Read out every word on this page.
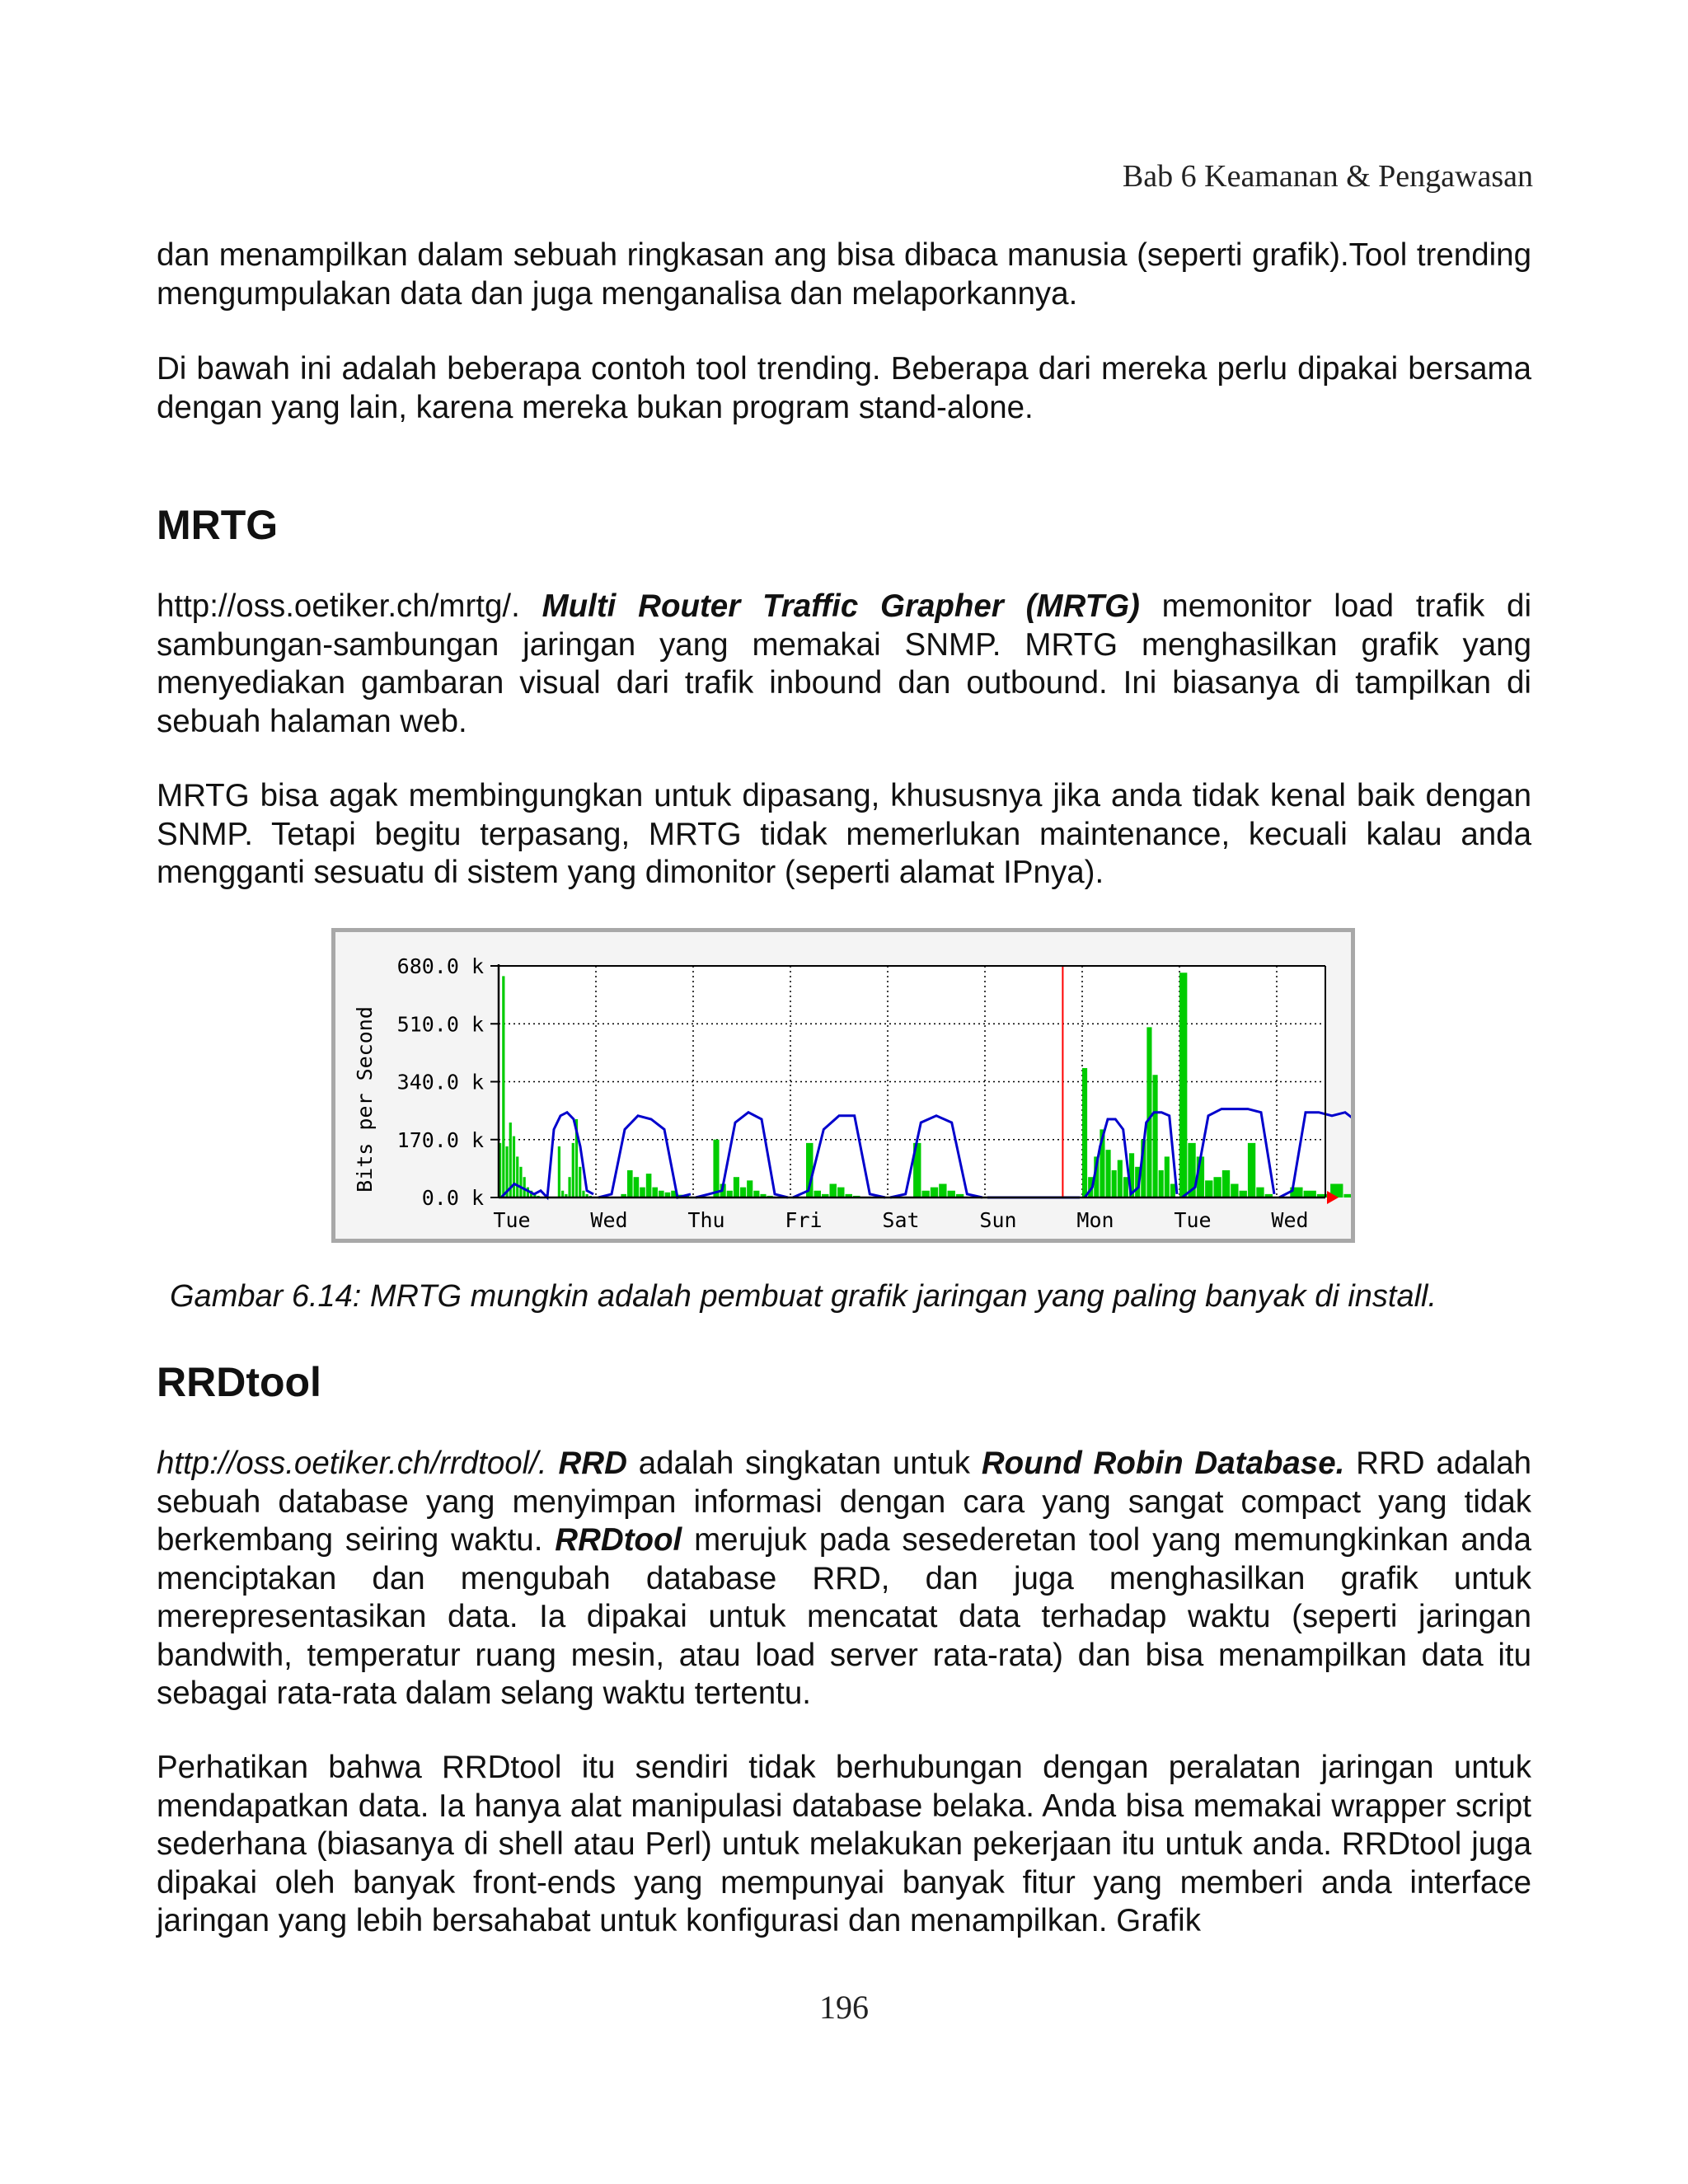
Bab 6 Keamanan & Pengawasan
dan menampilkan dalam sebuah ringkasan ang bisa dibaca manusia (seperti grafik).Tool trending mengumpulakan data dan juga menganalisa dan melaporkannya.
Di bawah ini adalah beberapa contoh tool trending. Beberapa dari mereka perlu dipakai bersama dengan yang lain, karena mereka bukan program stand-alone.
MRTG
http://oss.oetiker.ch/mrtg/. Multi Router Traffic Grapher (MRTG) memonitor load trafik di sambungan-sambungan jaringan yang memakai SNMP. MRTG menghasilkan grafik yang menyediakan gambaran visual dari trafik inbound dan outbound. Ini biasanya di tampilkan di sebuah halaman web.
MRTG bisa agak membingungkan untuk dipasang, khususnya jika anda tidak kenal baik dengan SNMP. Tetapi begitu terpasang, MRTG tidak memerlukan maintenance, kecuali kalau anda mengganti sesuatu di sistem yang dimonitor (seperti alamat IPnya).
680.0 k
510.0 k
340.0 k
170.0 k
0.0 k
Tue	Wed	Thu	Fri	Sat	Sun	Mon	Tue	Wed
Bits per Second
Gambar 6.14: MRTG mungkin adalah pembuat grafik jaringan yang paling banyak di install.
RRDtool
http://oss.oetiker.ch/rrdtool/. RRD adalah singkatan untuk Round Robin Database. RRD adalah sebuah database yang menyimpan informasi dengan cara yang sangat compact yang tidak berkembang seiring waktu. RRDtool merujuk pada sesederetan tool yang memungkinkan anda menciptakan dan mengubah database RRD, dan juga menghasilkan grafik untuk merepresentasikan data. Ia dipakai untuk mencatat data terhadap waktu (seperti jaringan bandwith, temperatur ruang mesin, atau load server rata-rata) dan bisa menampilkan data itu sebagai rata-rata dalam selang waktu tertentu.
Perhatikan bahwa RRDtool itu sendiri tidak berhubungan dengan peralatan jaringan untuk mendapatkan data. Ia hanya alat manipulasi database belaka. Anda bisa memakai wrapper script sederhana (biasanya di shell atau Perl) untuk melakukan pekerjaan itu untuk anda. RRDtool juga dipakai oleh banyak front-ends yang mempunyai banyak fitur yang memberi anda interface jaringan yang lebih bersahabat untuk konfigurasi dan menampilkan. Grafik
196
